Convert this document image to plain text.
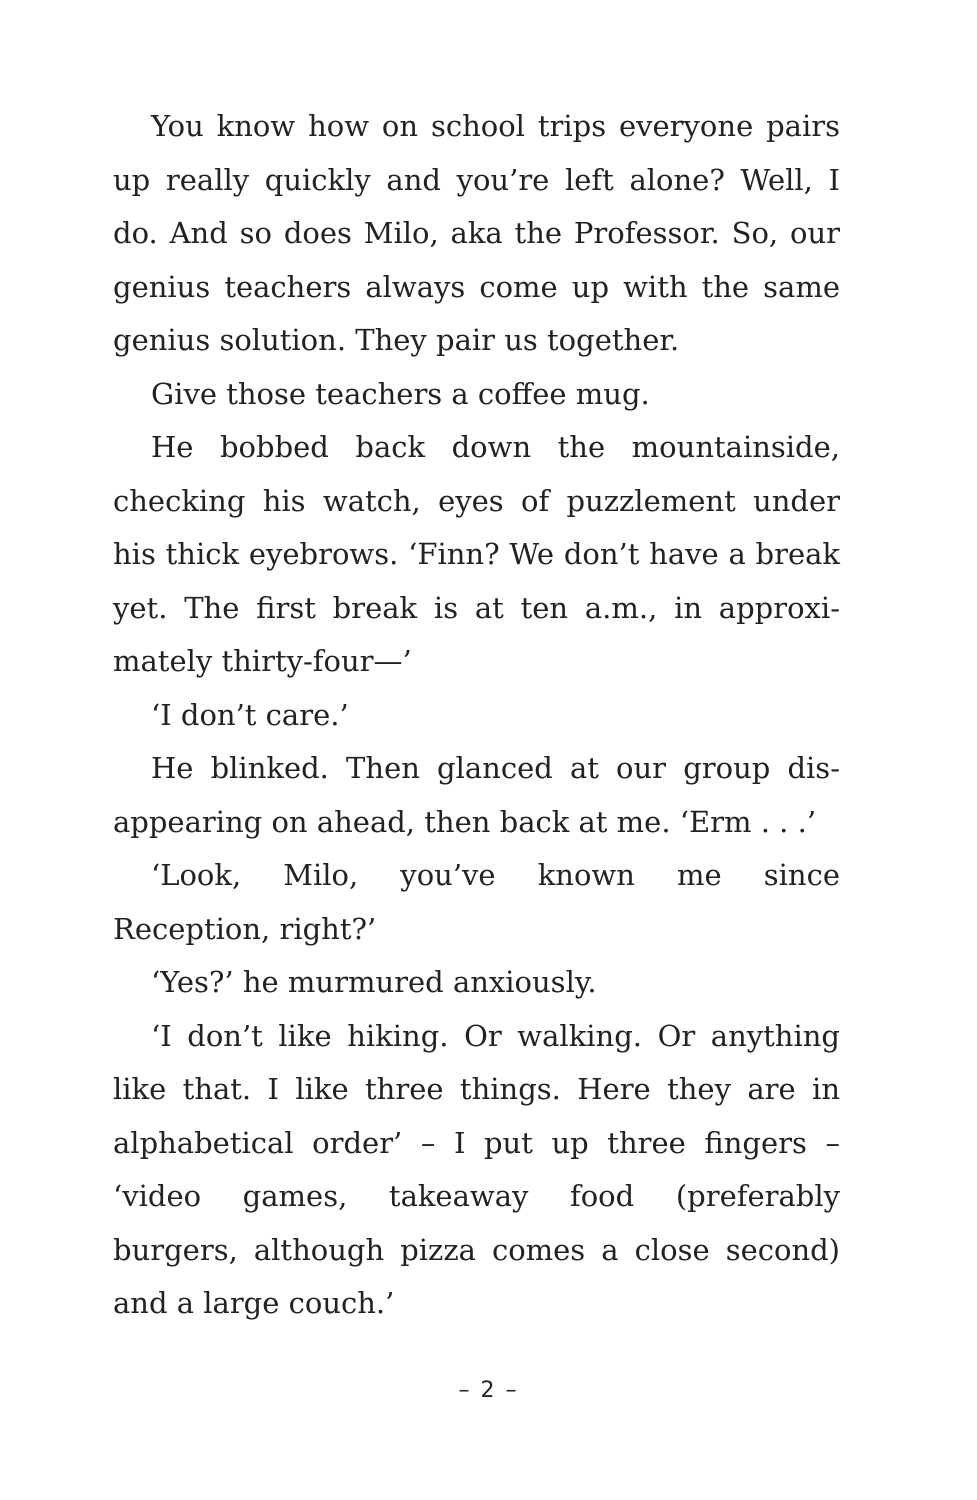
You know how on school trips everyone pairs up really quickly and you’re left alone? Well, I do. And so does Milo, aka the Professor. So, our genius teachers always come up with the same genius solution. They pair us together.

Give those teachers a coffee mug.

He bobbed back down the mountainside, checking his watch, eyes of puzzlement under his thick eyebrows. ‘Finn? We don’t have a break yet. The first break is at ten a.m., in approximately thirty-four—’

‘I don’t care.’

He blinked. Then glanced at our group disappearing on ahead, then back at me. ‘Erm . . .’

‘Look, Milo, you’ve known me since Reception, right?’

‘Yes?’ he murmured anxiously.

‘I don’t like hiking. Or walking. Or anything like that. I like three things. Here they are in alphabetical order’ – I put up three fingers – ‘video games, takeaway food (preferably burgers, although pizza comes a close second) and a large couch.’

– 2 –
